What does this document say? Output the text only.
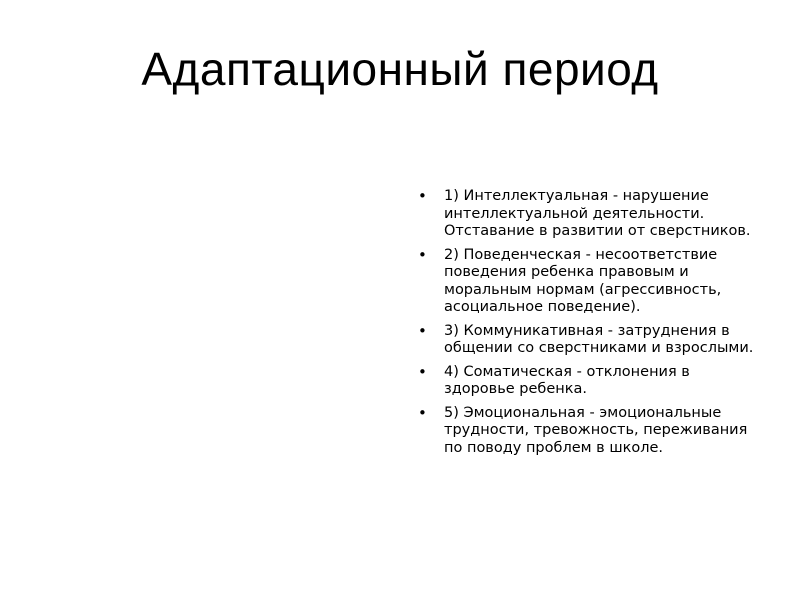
Адаптационный период
• 1) Интеллектуальная - нарушение интеллектуальной деятельности. Отставание в развитии от сверстников.
• 2) Поведенческая - несоответствие поведения ребенка правовым и моральным нормам (агрессивность, асоциальное поведение).
• 3) Коммуникативная - затруднения в общении со сверстниками и взрослыми.
• 4) Соматическая - отклонения в здоровье ребенка.
• 5) Эмоциональная - эмоциональные трудности, тревожность, переживания по поводу проблем в школе.
